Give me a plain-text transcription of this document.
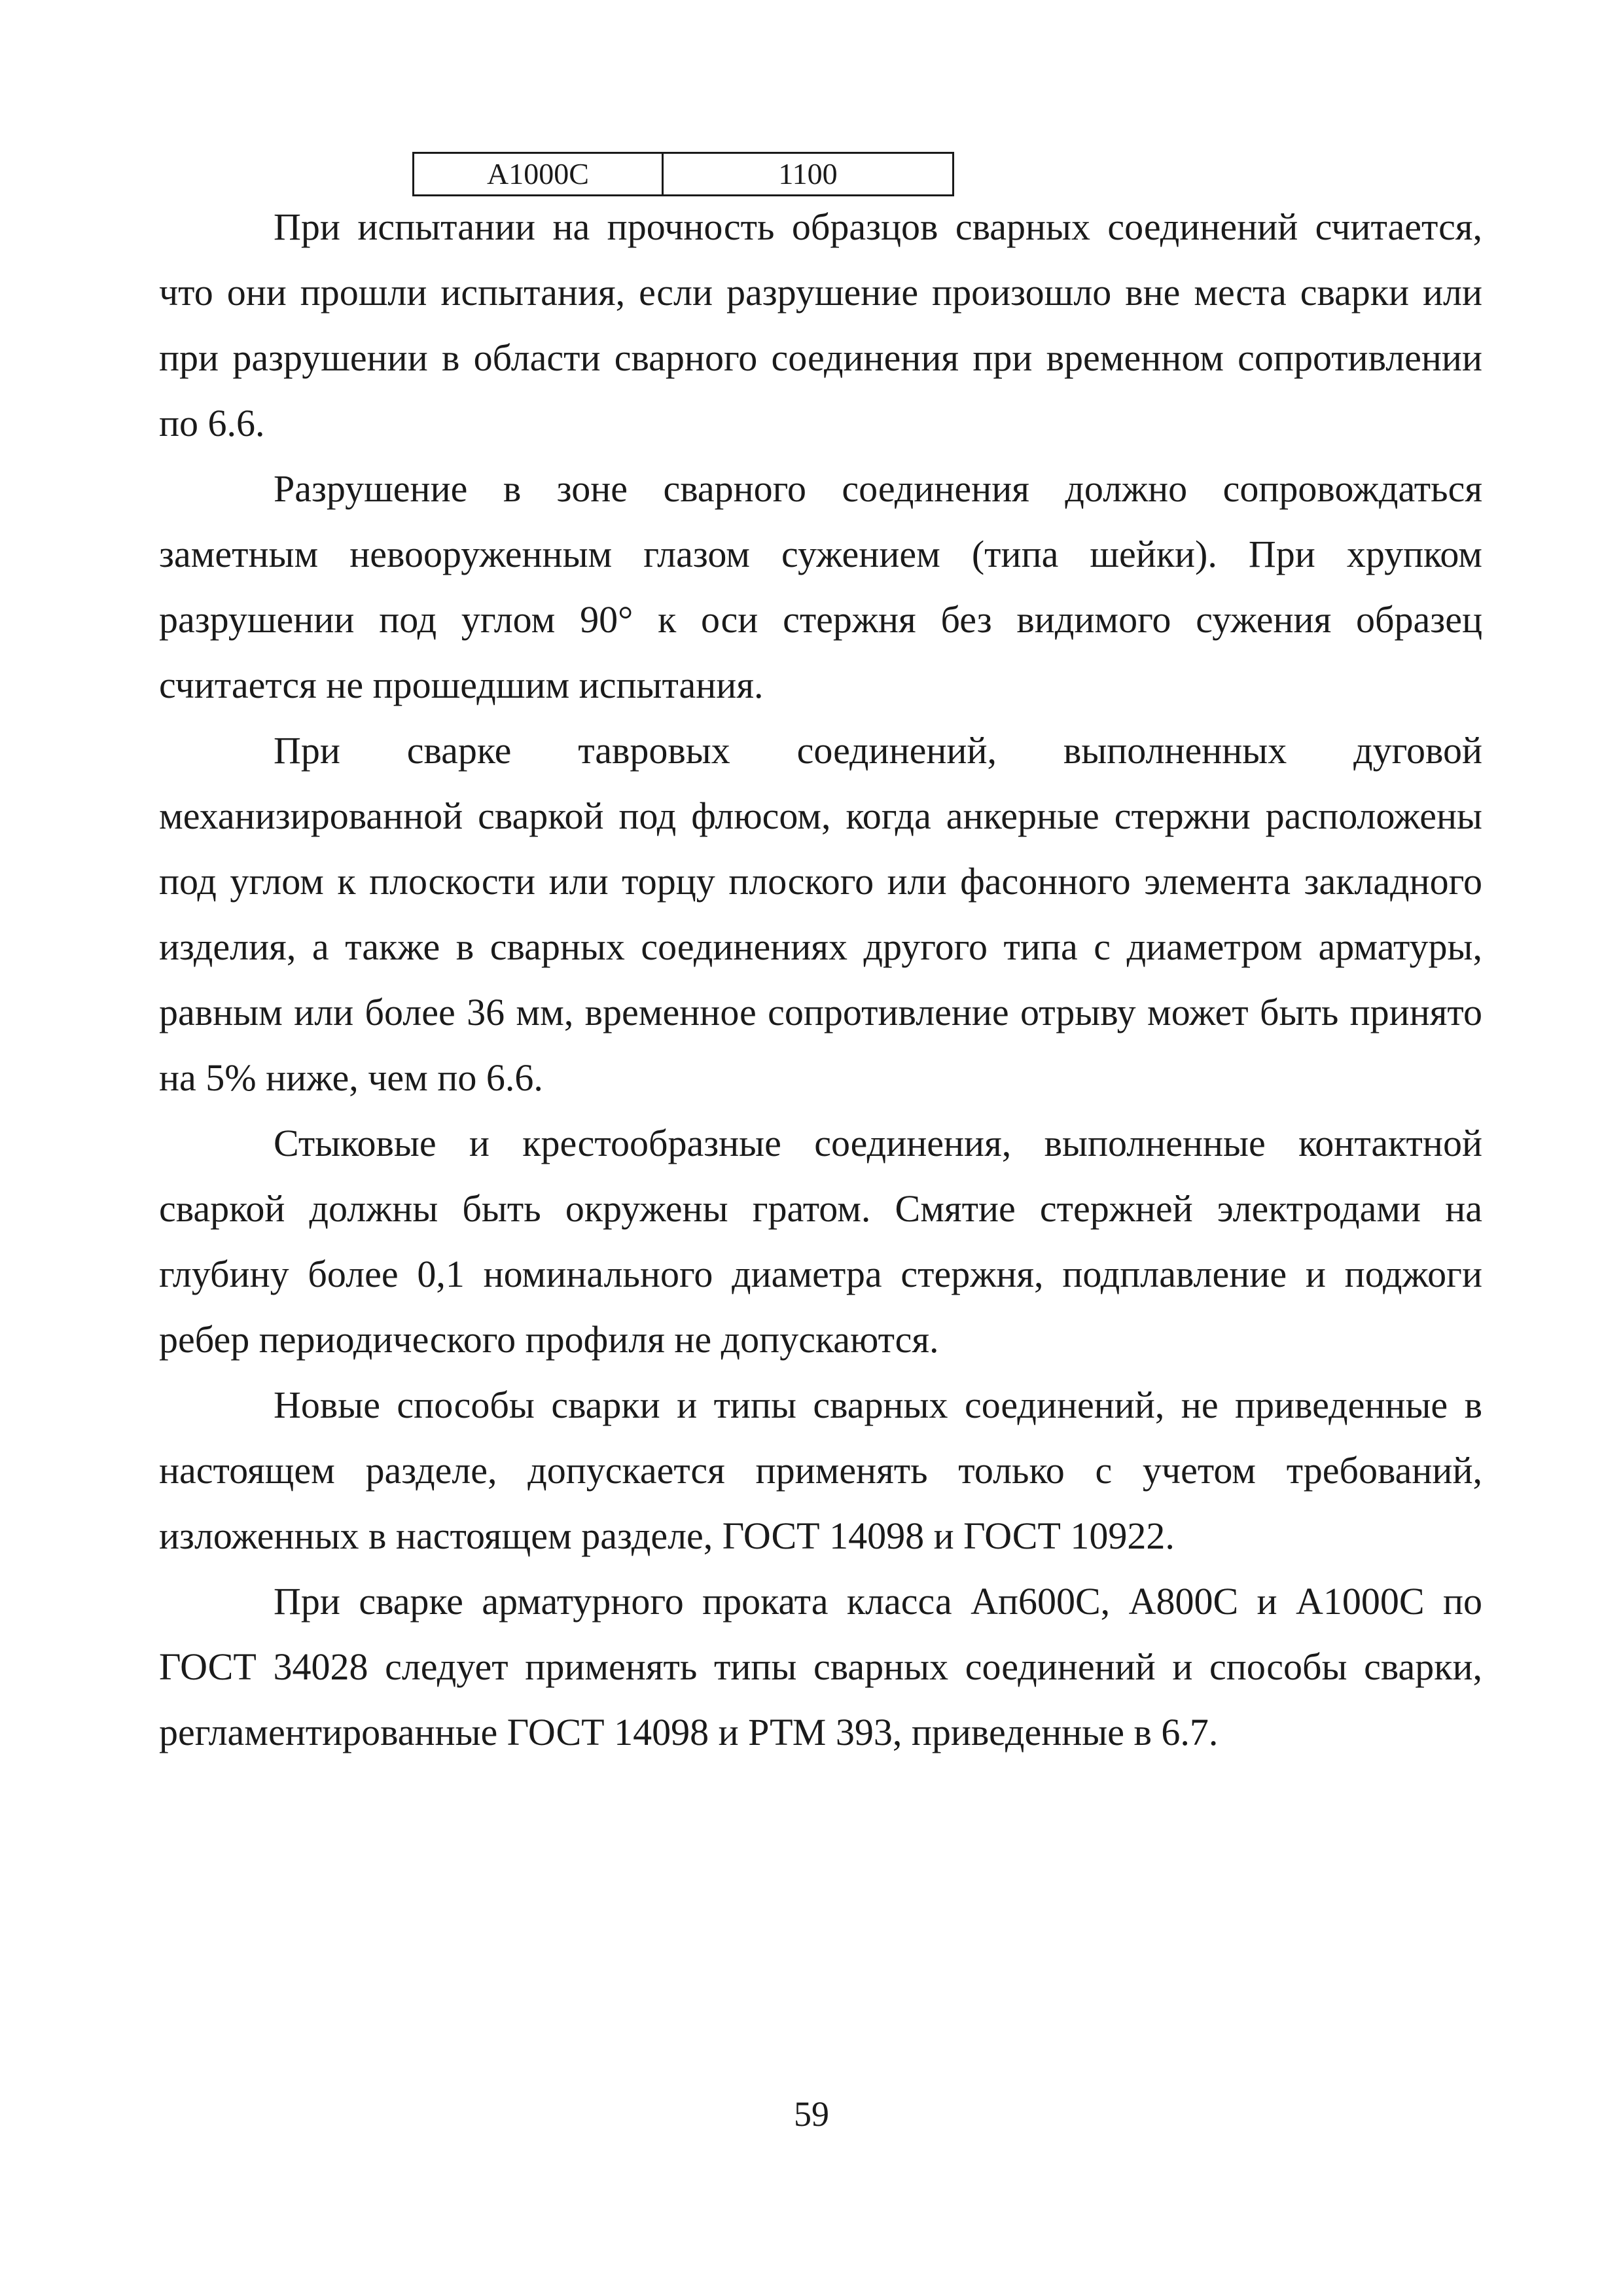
A1000C	1100

При испытании на прочность образцов сварных соединений считается, что они прошли испытания, если разрушение произошло вне места сварки или при разрушении в области сварного соединения при временном сопротивлении по 6.6.

Разрушение в зоне сварного соединения должно сопровождаться заметным невооруженным глазом сужением (типа шейки). При хрупком разрушении под углом 90° к оси стержня без видимого сужения образец считается не прошедшим испытания.

При сварке тавровых соединений, выполненных дуговой механизированной сваркой под флюсом, когда анкерные стержни расположены под углом к плоскости или торцу плоского или фасонного элемента закладного изделия, а также в сварных соединениях другого типа с диаметром арматуры, равным или более 36 мм, временное сопротивление отрыву может быть принято на 5% ниже, чем по 6.6.

Стыковые и крестообразные соединения, выполненные контактной сваркой должны быть окружены гратом. Смятие стержней электродами на глубину более 0,1 номинального диаметра стержня, подплавление и поджоги ребер периодического профиля не допускаются.

Новые способы сварки и типы сварных соединений, не приведенные в настоящем разделе, допускается применять только с учетом требований, изложенных в настоящем разделе, ГОСТ 14098 и ГОСТ 10922.

При сварке арматурного проката класса Ап600С, А800С и А1000С по ГОСТ 34028 следует применять типы сварных соединений и способы сварки, регламентированные ГОСТ 14098 и РТМ 393, приведенные в 6.7.

59
